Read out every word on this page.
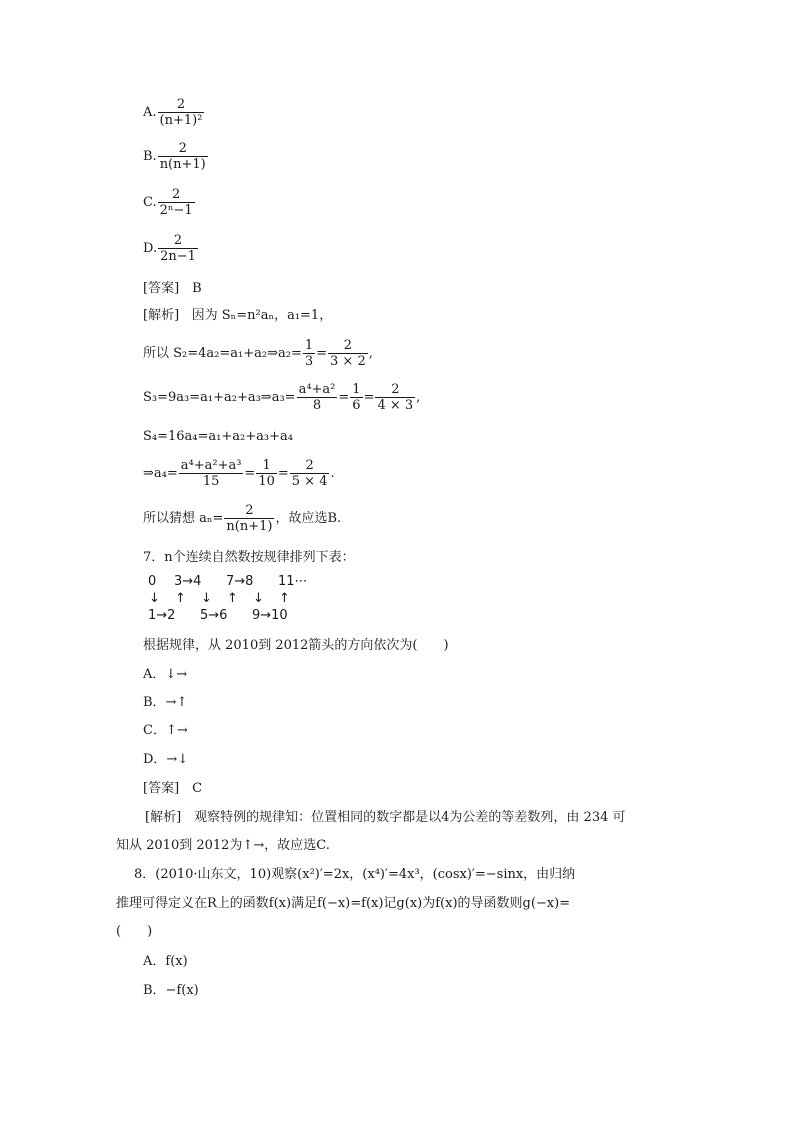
A. $\frac{2}{\text{(n+1)²}}$
B. $\frac{2}{n(n+1)}$
C. $\frac{2}{\text{2ⁿ−1}}$
D. $\frac{2}{2n-1}$
[答案]　B
[解析] 因为 Sₙ=n²aₙ，a₁=1，
所以 S₂=4a₂=a₁+a₂⇒a₂= $\frac{1}{3} = \frac{2}{3 \times 2}$ ,
S₃=9a₃=a₁+a₂+a₃⇒a₃= $\frac{\text{a⁴+a²}}{8} = \frac{1}{6} = \frac{2}{4 \times 3}$ ,
S₄=16a₄=a₁+a₂+a₃+a₄
⇒a₄= $\frac{\text{a⁴+a²+a³}}{15} = \frac{1}{10} = \frac{2}{5 \times 4}$ .
所以猜想 $a_n= \frac{2}{n(n+1)}$ ，故应选B.
7．n个连续自然数按规律排列下表：
0 3→4 7→8 11⋯
↓ ↑ ↓ ↑ ↓ ↑
1→2 5→6 9→10
根据规律，从 2010到 2012箭头的方向依次为(　　)
A．↓→
B．→↑
C．↑→
D．→↓
[答案]　C
[解析]　观察特例的规律知：位置相同的数字都是以4为公差的等差数列，由 234 可
知从 2010到 2012为↑→，故应选C.
8．(2010·山东文，10)观察(x²)′=2x，(x⁴)′=4x³，(cosx)′=−sinx，由归纳
推理可得定义在R上的函数f(x)满足f(−x)=f(x)记g(x)为f(x)的导函数则g(−x)=
(　　)
A．f(x)
B．−f(x)
